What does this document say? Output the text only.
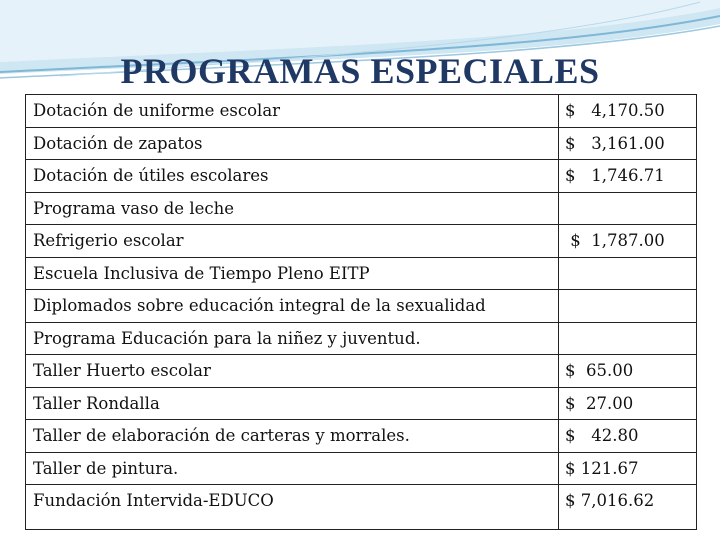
PROGRAMAS ESPECIALES
Dotación de uniforme escolar	$   4,170.50
Dotación de zapatos	$   3,161.00
Dotación de útiles escolares	$   1,746.71
Programa vaso de leche	
Refrigerio escolar	$  1,787.00
Escuela Inclusiva de Tiempo Pleno EITP	
Diplomados sobre educación integral de la sexualidad	
Programa Educación para la niñez y juventud.	
Taller Huerto escolar	$  65.00
Taller Rondalla	$  27.00
Taller de elaboración de carteras y morrales.	$   42.80
Taller de pintura.	$ 121.67
Fundación Intervida-EDUCO	$ 7,016.62
